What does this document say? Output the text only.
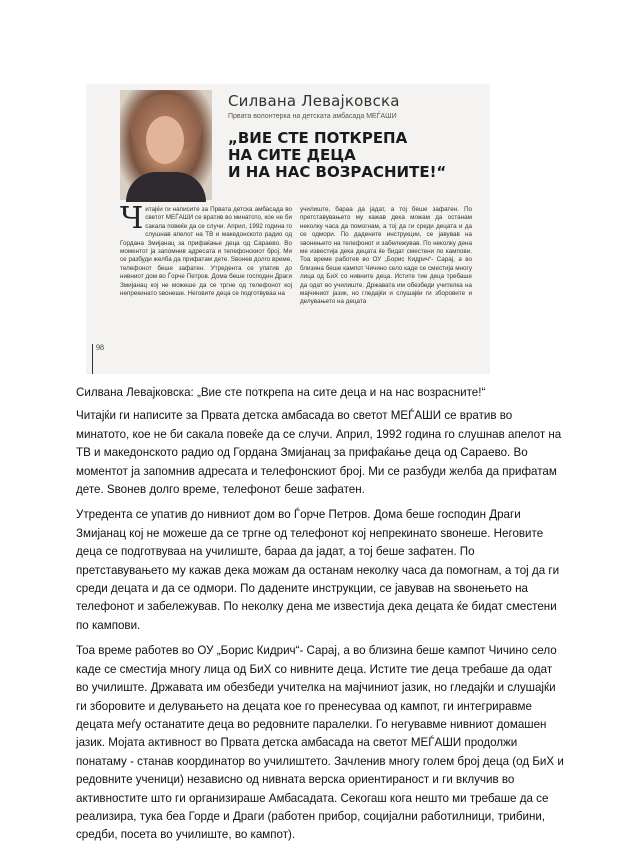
Силвана Левајковска
Првата волонтерка на детската амбасада МЕЃАШИ
„ВИЕ СТЕ ПОТКРЕПА
НА СИТЕ ДЕЦА
И НА НАС ВОЗРАСНИТЕ!“
Читајќи ги написите за Првата детска амбасада во светот МЕЃАШИ се вратив во минатото, кое не би сакала повеќе да се случи. Април, 1992 година го слушнав апелот на ТВ и македонското радио од Гордана Змијанац за прифаќање деца од Сараево. Во моментот ја запомнив адресата и телефонскиот број. Ми се разбуди желба да прифатам дете. Ѕвонев долго време, телефонот беше зафатен. Утредента се упатив до нивниот дом во Ѓорче Петров. Дома беше господин Драги Змијанац кој не можеше да се тргне од телефонот кој непрекинато ѕвонеше. Неговите деца се подготвуваа на
училиште, бараа да јадат, а тој беше зафатен. По претставувањето му кажав дека можам да останам неколку часа да помогнам, а тој да ги среди децата и да се одмори. По дадените инструкции, се јавував на ѕвонењето на телефонот и забележував. По неколку дена ме известија дека децата ќе бидат сместени по кампови. Тоа време работев во ОУ „Борис Кидрич“- Сарај, а во близина беше кампот Чичино село каде се сместија многу лица од БиХ со нивните деца. Истите тие деца требаше да одат во училиште. Државата им обезбеди учителка на мајчиниот јазик, но гледајќи и слушајќи ги зборовите и делувањето на децата
98

Силвана Левајковска: „Вие сте поткрепа на сите деца и на нас возрасните!“

Читајќи ги написите за Првата детска амбасада во светот МЕЃАШИ се вратив во минатото, кое не би сакала повеќе да се случи. Април, 1992 година го слушнав апелот на ТВ и македонското радио од Гордана Змијанац за прифаќање деца од Сараево. Во моментот ја запомнив адресата и телефонскиот број. Ми се разбуди желба да прифатам дете. Ѕвонев долго време, телефонот беше зафатен.

Утредента се упатив до нивниот дом во Ѓорче Петров. Дома беше господин Драги Змијанац кој не можеше да се тргне од телефонот кој непрекинато ѕвонеше. Неговите деца се подготвуваа на училиште, бараа да јадат, а тој беше зафатен. По претставувањето му кажав дека можам да останам неколку часа да помогнам, а тој да ги среди децата и да се одмори. По дадените инструкции, се јавував на ѕвонењето на телефонот и забележував. По неколку дена ме известија дека децата ќе бидат сместени по кампови.

Тоа време работев во ОУ „Борис Кидрич“- Сарај, а во близина беше кампот Чичино село каде се сместија многу лица од БиХ со нивните деца. Истите тие деца требаше да одат во училиште. Државата им обезбеди учителка на мајчиниот јазик, но гледајќи и слушајќи ги зборовите и делувањето на децата кое го пренесуваа од кампот, ги интегриравме децата меѓу останатите деца во редовните паралелки. Го негувавме нивниот домашен јазик. Мојата активност во Првата детска амбасада на светот МЕЃАШИ продолжи понатаму - станав координатор во училиштето. Зачленив многу голем број деца (од БиХ и редовните ученици) независно од нивната верска ориентираност и ги вклучив во активностите што ги организираше Амбасадата. Секогаш кога нешто ми требаше да се реализира, тука беа Горде и Драги (работен прибор, социјални работилници, трибини, средби, посета во училиште, во кампот).
